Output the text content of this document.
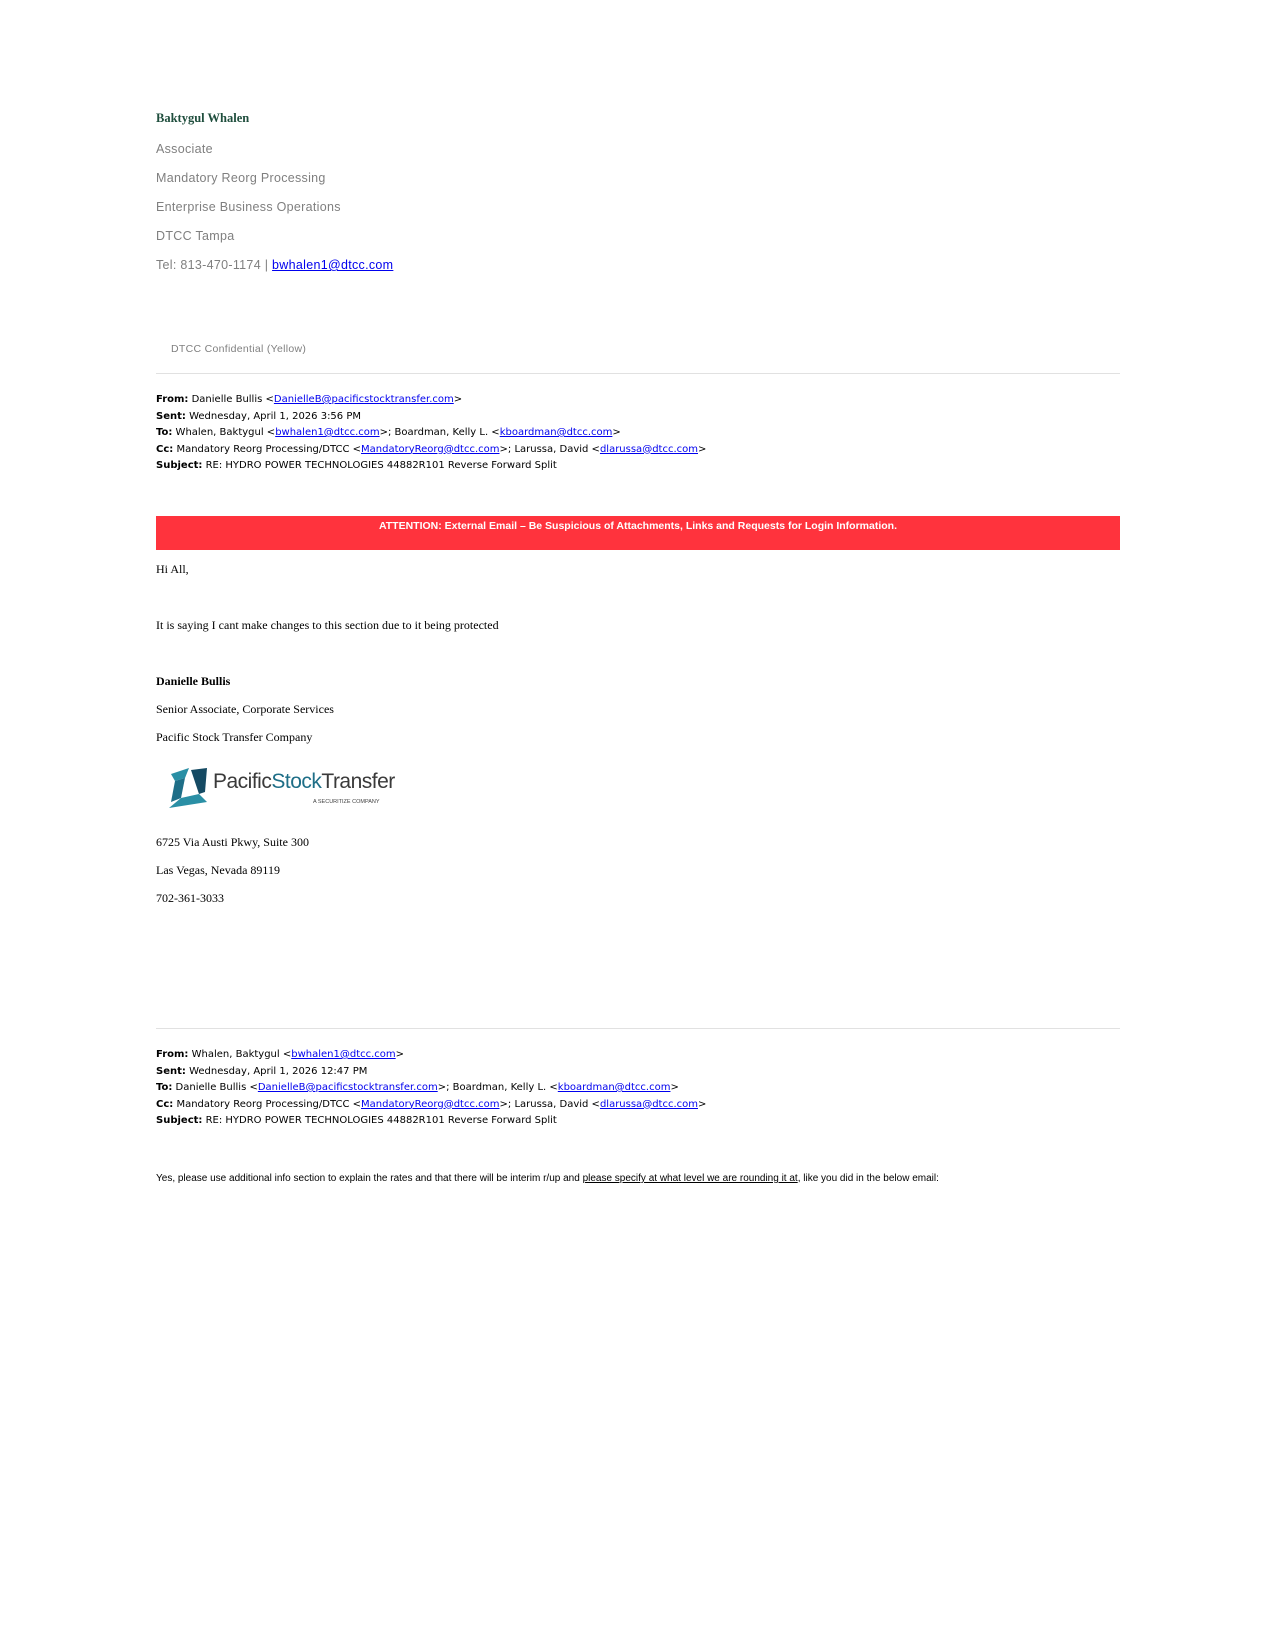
Baktygul Whalen
Associate
Mandatory Reorg Processing
Enterprise Business Operations
DTCC Tampa
Tel: 813-470-1174 | bwhalen1@dtcc.com
DTCC Confidential (Yellow)
From: Danielle Bullis <DanielleB@pacificstocktransfer.com>
Sent: Wednesday, April 1, 2026 3:56 PM
To: Whalen, Baktygul <bwhalen1@dtcc.com>; Boardman, Kelly L. <kboardman@dtcc.com>
Cc: Mandatory Reorg Processing/DTCC <MandatoryReorg@dtcc.com>; Larussa, David <dlarussa@dtcc.com>
Subject: RE: HYDRO POWER TECHNOLOGIES 44882R101 Reverse Forward Split
ATTENTION: External Email – Be Suspicious of Attachments, Links and Requests for Login Information.
Hi All,
It is saying I cant make changes to this section due to it being protected
Danielle Bullis
Senior Associate, Corporate Services
Pacific Stock Transfer Company
PacificStockTransfer
A SECURITIZE COMPANY
6725 Via Austi Pkwy, Suite 300
Las Vegas, Nevada 89119
702-361-3033
From: Whalen, Baktygul <bwhalen1@dtcc.com>
Sent: Wednesday, April 1, 2026 12:47 PM
To: Danielle Bullis <DanielleB@pacificstocktransfer.com>; Boardman, Kelly L. <kboardman@dtcc.com>
Cc: Mandatory Reorg Processing/DTCC <MandatoryReorg@dtcc.com>; Larussa, David <dlarussa@dtcc.com>
Subject: RE: HYDRO POWER TECHNOLOGIES 44882R101 Reverse Forward Split
Yes, please use additional info section to explain the rates and that there will be interim r/up and please specify at what level we are rounding it at, like you did in the below email:
